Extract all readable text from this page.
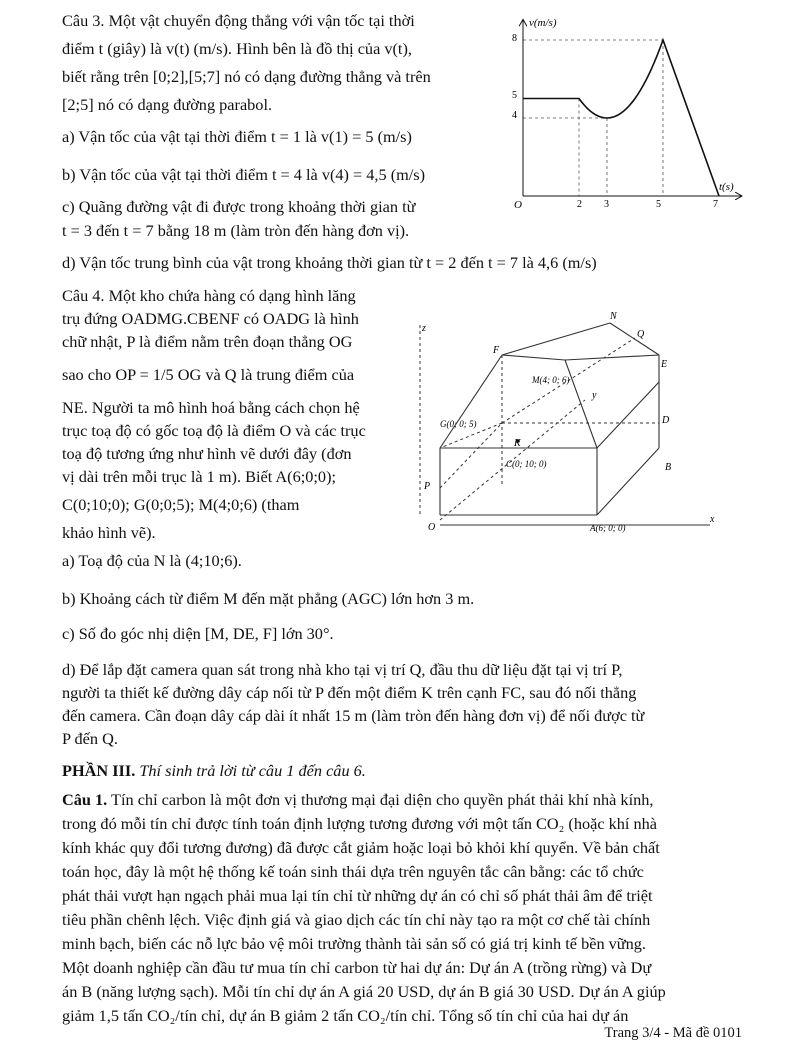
Câu 3. Một vật chuyển động thẳng với vận tốc tại thời
điểm t (giây) là v(t) (m/s). Hình bên là đồ thị của v(t),
biết rằng trên [0;2],[5;7] nó có dạng đường thẳng và trên
[2;5] nó có dạng đường parabol.
a) Vận tốc của vật tại thời điểm t = 1 là v(1) = 5 (m/s)
b) Vận tốc của vật tại thời điểm t = 4 là v(4) = 4,5 (m/s)
c) Quãng đường vật đi được trong khoảng thời gian từ
t = 3 đến t = 7 bằng 18 m (làm tròn đến hàng đơn vị).
d) Vận tốc trung bình của vật trong khoảng thời gian từ t = 2 đến t = 7 là 4,6 (m/s)
v(m/s)
t(s)
O
8
5
4
2 3	5	7
Câu 4. Một kho chứa hàng có dạng hình lăng
trụ đứng OADMG.CBENF có OADG là hình
chữ nhật, P là điểm nằm trên đoạn thẳng OG
sao cho OP = 1/5 OG và Q là trung điểm của
NE. Người ta mô hình hoá bằng cách chọn hệ
trục toạ độ có gốc toạ độ là điểm O và các trục
toạ độ tương ứng như hình vẽ dưới đây (đơn
vị dài trên mỗi trục là 1 m). Biết A(6;0;0);
C(0;10;0); G(0;0;5); M(4;0;6) (tham
khảo hình vẽ).
N
Q
F
E
M(4; 0; 6)
y
D
G(0; 0; 5)
K
C(0; 10; 0)	B
P
O	A(6; 0; 0)
x
z
a) Toạ độ của N là (4;10;6).
b) Khoảng cách từ điểm M đến mặt phẳng (AGC) lớn hơn 3 m.
c) Số đo góc nhị diện [M, DE, F] lớn 30°.
d) Để lắp đặt camera quan sát trong nhà kho tại vị trí Q, đầu thu dữ liệu đặt tại vị trí P,
người ta thiết kế đường dây cáp nối từ P đến một điểm K trên cạnh FC, sau đó nối thẳng
đến camera. Cần đoạn dây cáp dài ít nhất 15 m (làm tròn đến hàng đơn vị) để nối được từ
P đến Q.
PHẦN III. Thí sinh trả lời từ câu 1 đến câu 6.
Câu 1. Tín chỉ carbon là một đơn vị thương mại đại diện cho quyền phát thải khí nhà kính,
trong đó mỗi tín chỉ được tính toán định lượng tương đương với một tấn CO₂ (hoặc khí nhà
kính khác quy đổi tương đương) đã được cắt giảm hoặc loại bỏ khỏi khí quyển. Về bản chất
toán học, đây là một hệ thống kế toán sinh thái dựa trên nguyên tắc cân bằng: các tổ chức
phát thải vượt hạn ngạch phải mua lại tín chỉ từ những dự án có chỉ số phát thải âm để triệt
tiêu phần chênh lệch. Việc định giá và giao dịch các tín chỉ này tạo ra một cơ chế tài chính
minh bạch, biến các nỗ lực bảo vệ môi trường thành tài sản số có giá trị kinh tế bền vững.
Một doanh nghiệp cần đầu tư mua tín chỉ carbon từ hai dự án: Dự án A (trồng rừng) và Dự
án B (năng lượng sạch). Mỗi tín chỉ dự án A giá 20 USD, dự án B giá 30 USD. Dự án A giúp
giảm 1,5 tấn CO₂/tín chỉ, dự án B giảm 2 tấn CO₂/tín chỉ. Tổng số tín chỉ của hai dự án
Trang 3/4 - Mã đề 0101
